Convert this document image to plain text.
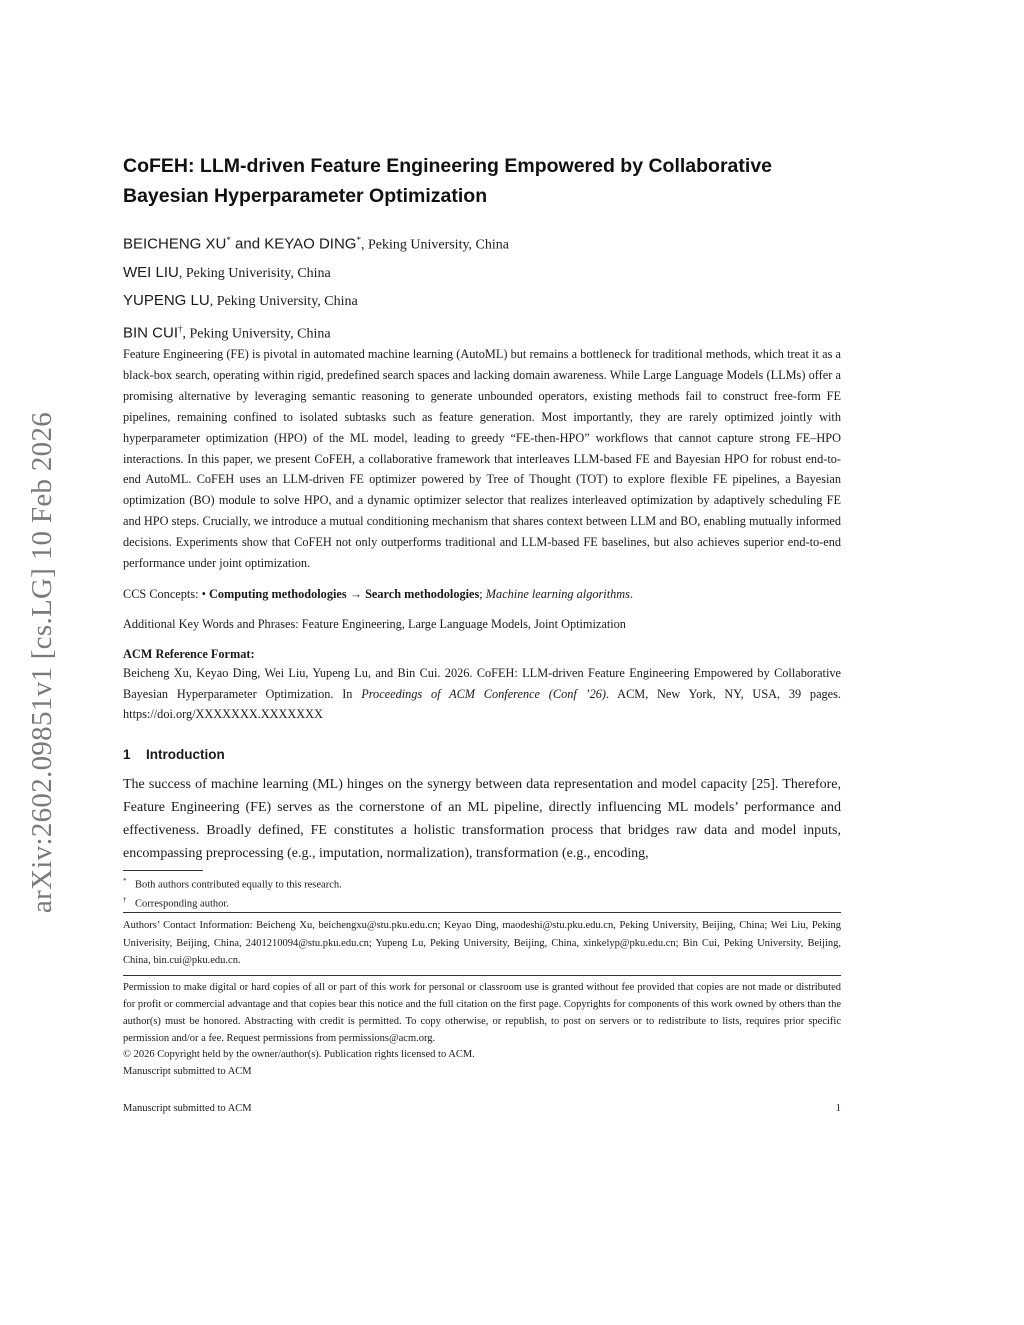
arXiv:2602.09851v1 [cs.LG] 10 Feb 2026
CoFEH: LLM-driven Feature Engineering Empowered by Collaborative Bayesian Hyperparameter Optimization
BEICHENG XU* and KEYAO DING*, Peking University, China
WEI LIU, Peking Univerisity, China
YUPENG LU, Peking University, China
BIN CUI†, Peking University, China

Feature Engineering (FE) is pivotal in automated machine learning (AutoML) but remains a bottleneck for traditional methods, which treat it as a black-box search, operating within rigid, predefined search spaces and lacking domain awareness. While Large Language Models (LLMs) offer a promising alternative by leveraging semantic reasoning to generate unbounded operators, existing methods fail to construct free-form FE pipelines, remaining confined to isolated subtasks such as feature generation. Most importantly, they are rarely optimized jointly with hyperparameter optimization (HPO) of the ML model, leading to greedy “FE-then-HPO” workflows that cannot capture strong FE–HPO interactions. In this paper, we present CoFEH, a collaborative framework that interleaves LLM-based FE and Bayesian HPO for robust end-to-end AutoML. CoFEH uses an LLM-driven FE optimizer powered by Tree of Thought (TOT) to explore flexible FE pipelines, a Bayesian optimization (BO) module to solve HPO, and a dynamic optimizer selector that realizes interleaved optimization by adaptively scheduling FE and HPO steps. Crucially, we introduce a mutual conditioning mechanism that shares context between LLM and BO, enabling mutually informed decisions. Experiments show that CoFEH not only outperforms traditional and LLM-based FE baselines, but also achieves superior end-to-end performance under joint optimization.

CCS Concepts: • Computing methodologies → Search methodologies; Machine learning algorithms.

Additional Key Words and Phrases: Feature Engineering, Large Language Models, Joint Optimization

ACM Reference Format:

Beicheng Xu, Keyao Ding, Wei Liu, Yupeng Lu, and Bin Cui. 2026. CoFEH: LLM-driven Feature Engineering Empowered by Collaborative Bayesian Hyperparameter Optimization. In Proceedings of ACM Conference (Conf ’26). ACM, New York, NY, USA, 39 pages. https://doi.org/XXXXXXX.XXXXXXX

1 Introduction

The success of machine learning (ML) hinges on the synergy between data representation and model capacity [25]. Therefore, Feature Engineering (FE) serves as the cornerstone of an ML pipeline, directly influencing ML models’ performance and effectiveness. Broadly defined, FE constitutes a holistic transformation process that bridges raw data and model inputs, encompassing preprocessing (e.g., imputation, normalization), transformation (e.g., encoding,

* Both authors contributed equally to this research.
† Corresponding author.

Authors’ Contact Information: Beicheng Xu, beichengxu@stu.pku.edu.cn; Keyao Ding, maodeshi@stu.pku.edu.cn, Peking University, Beijing, China; Wei Liu, Peking Univerisity, Beijing, China, 2401210094@stu.pku.edu.cn; Yupeng Lu, Peking University, Beijing, China, xinkelyp@pku.edu.cn; Bin Cui, Peking University, Beijing, China, bin.cui@pku.edu.cn.

Permission to make digital or hard copies of all or part of this work for personal or classroom use is granted without fee provided that copies are not made or distributed for profit or commercial advantage and that copies bear this notice and the full citation on the first page. Copyrights for components of this work owned by others than the author(s) must be honored. Abstracting with credit is permitted. To copy otherwise, or republish, to post on servers or to redistribute to lists, requires prior specific permission and/or a fee. Request permissions from permissions@acm.org.

© 2026 Copyright held by the owner/author(s). Publication rights licensed to ACM.
Manuscript submitted to ACM
Manuscript submitted to ACM	1
